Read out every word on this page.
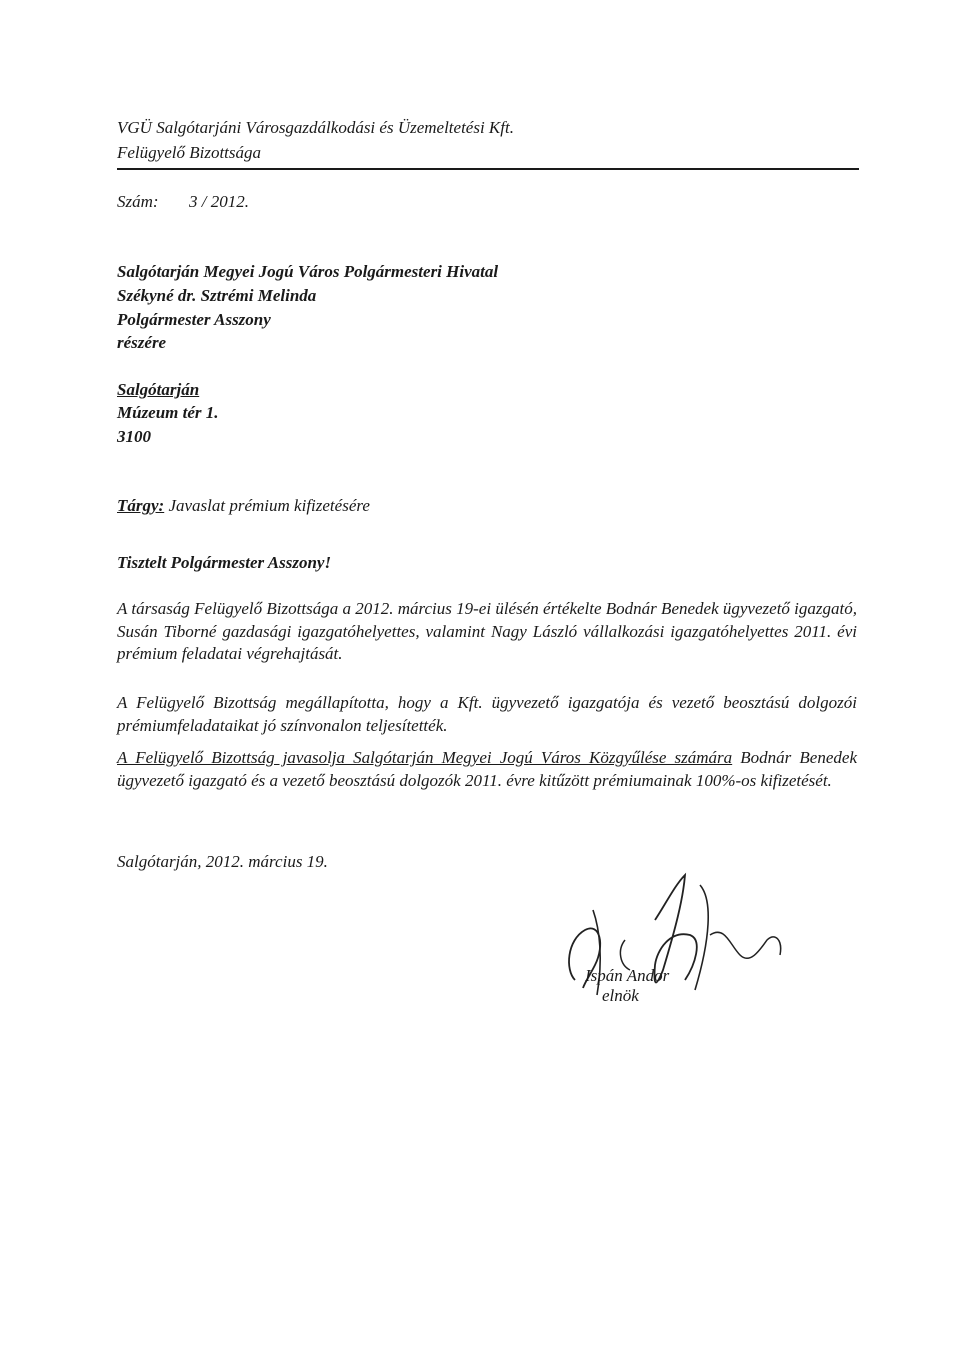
VGÜ Salgótarjáni Városgazdálkodási és Üzemeltetési Kft.
Felügyelő Bizottsága
Szám: 3 / 2012.
Salgótarján Megyei Jogú Város Polgármesteri Hivatal
Székyné dr. Sztrémi Melinda
Polgármester Asszony
részére
Salgótarján
Múzeum tér 1.
3100
Tárgy: Javaslat prémium kifizetésére
Tisztelt Polgármester Asszony!
A társaság Felügyelő Bizottsága a 2012. március 19-ei ülésén értékelte Bodnár Benedek ügyvezető igazgató, Susán Tiborné gazdasági igazgatóhelyettes, valamint Nagy László vállalkozási igazgatóhelyettes 2011. évi prémium feladatai végrehajtását.
A Felügyelő Bizottság megállapította, hogy a Kft. ügyvezető igazgatója és vezető beosztású dolgozói prémiumfeladataikat jó színvonalon teljesítették.
A Felügyelő Bizottság javasolja Salgótarján Megyei Jogú Város Közgyűlése számára Bodnár Benedek ügyvezető igazgató és a vezető beosztású dolgozók 2011. évre kitűzött prémiumainak 100%-os kifizetését.
Salgótarján, 2012. március 19.
Ispán Andor
elnök
